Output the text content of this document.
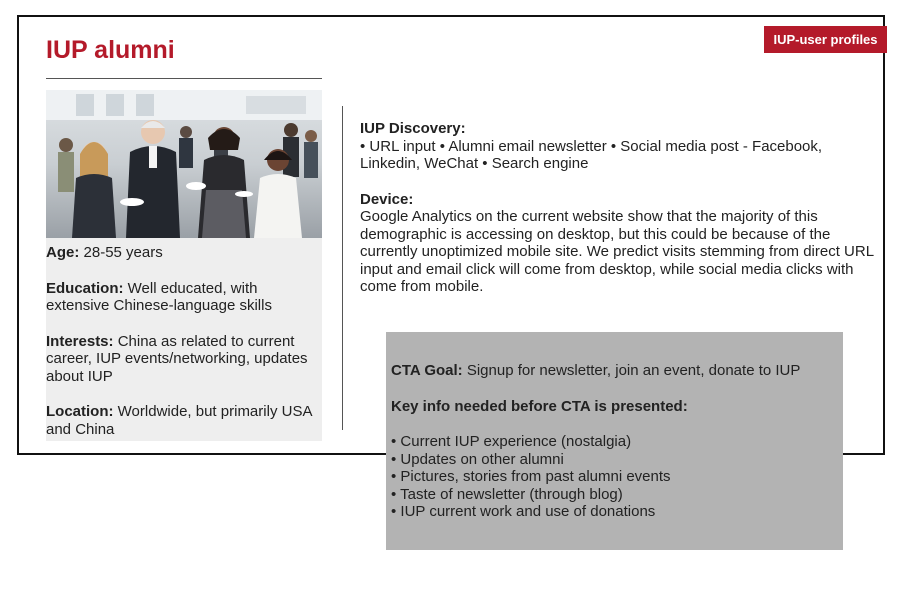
IUP-user profiles
IUP alumni

Age: 28-55 years

Education: Well educated, with extensive Chinese-language skills

Interests: China as related to current career, IUP events/networking, updates about IUP

Location: Worldwide, but primarily USA and China

IUP Discovery:
• URL input • Alumni email newsletter • Social media post - Facebook, Linkedin, WeChat • Search engine

Device:
Google Analytics on the current website show that the majority of this demographic is accessing on desktop, but this could be because of the currently unoptimized mobile site. We predict visits stemming from direct URL input and email click will come from desktop, while social media clicks with come from mobile.

CTA Goal: Signup for newsletter, join an event, donate to IUP

Key info needed before CTA is presented:

• Current IUP experience (nostalgia)
• Updates on other alumni
• Pictures, stories from past alumni events
• Taste of newsletter (through blog)
• IUP current work and use of donations
